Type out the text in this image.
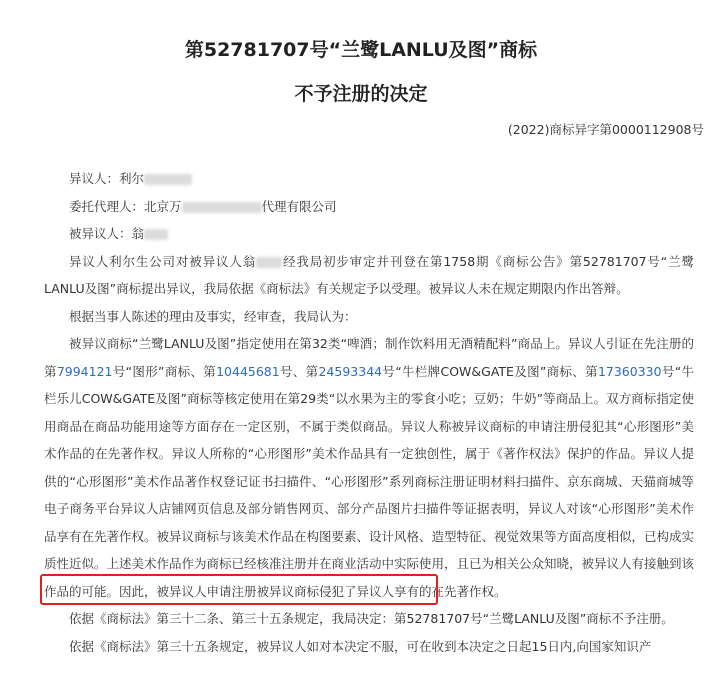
第52781707号“兰鹭LANLU及图”商标
不予注册的决定
(2022)商标异字第0000112908号

异议人：利尔

委托代理人：北京万	代理有限公司

被异议人：翁

异议人利尔生公司对被异议人翁 经我局初步审定并刊登在第1758期《商标公告》第52781707号“兰鹭LANLU及图”商标提出异议，我局依据《商标法》有关规定予以受理。被异议人未在规定期限内作出答辩。

根据当事人陈述的理由及事实，经审查，我局认为：

被异议商标“兰鹭LANLU及图”指定使用在第32类“啤酒；制作饮料用无酒精配料”商品上。异议人引证在先注册的第7994121号“图形”商标、第10445681号、第24593344号“牛栏牌COW&GATE及图”商标、第17360330号“牛栏乐儿COW&GATE及图”商标等核定使用在第29类“以水果为主的零食小吃；豆奶；牛奶”等商品上。双方商标指定使用商品在商品功能用途等方面存在一定区别，不属于类似商品。异议人称被异议商标的申请注册侵犯其“心形图形”美术作品的在先著作权。异议人所称的“心形图形”美术作品具有一定独创性，属于《著作权法》保护的作品。异议人提供的“心形图形”美术作品著作权登记证书扫描件、“心形图形”系列商标注册证明材料扫描件、京东商城、天猫商城等电子商务平台异议人店铺网页信息及部分销售网页、部分产品图片扫描件等证据表明，异议人对该“心形图形”美术作品享有在先著作权。被异议商标与该美术作品在构图要素、设计风格、造型特征、视觉效果等方面高度相似，已构成实质性近似。上述美术作品作为商标已经核准注册并在商业活动中实际使用，且已为相关公众知晓，被异议人有接触到该作品的可能。因此，被异议人申请注册被异议商标侵犯了异议人享有的在先著作权。

依据《商标法》第三十二条、第三十五条规定，我局决定：第52781707号“兰鹭LANLU及图”商标不予注册。

依据《商标法》第三十五条规定，被异议人如对本决定不服，可在收到本决定之日起15日内,向国家知识产
